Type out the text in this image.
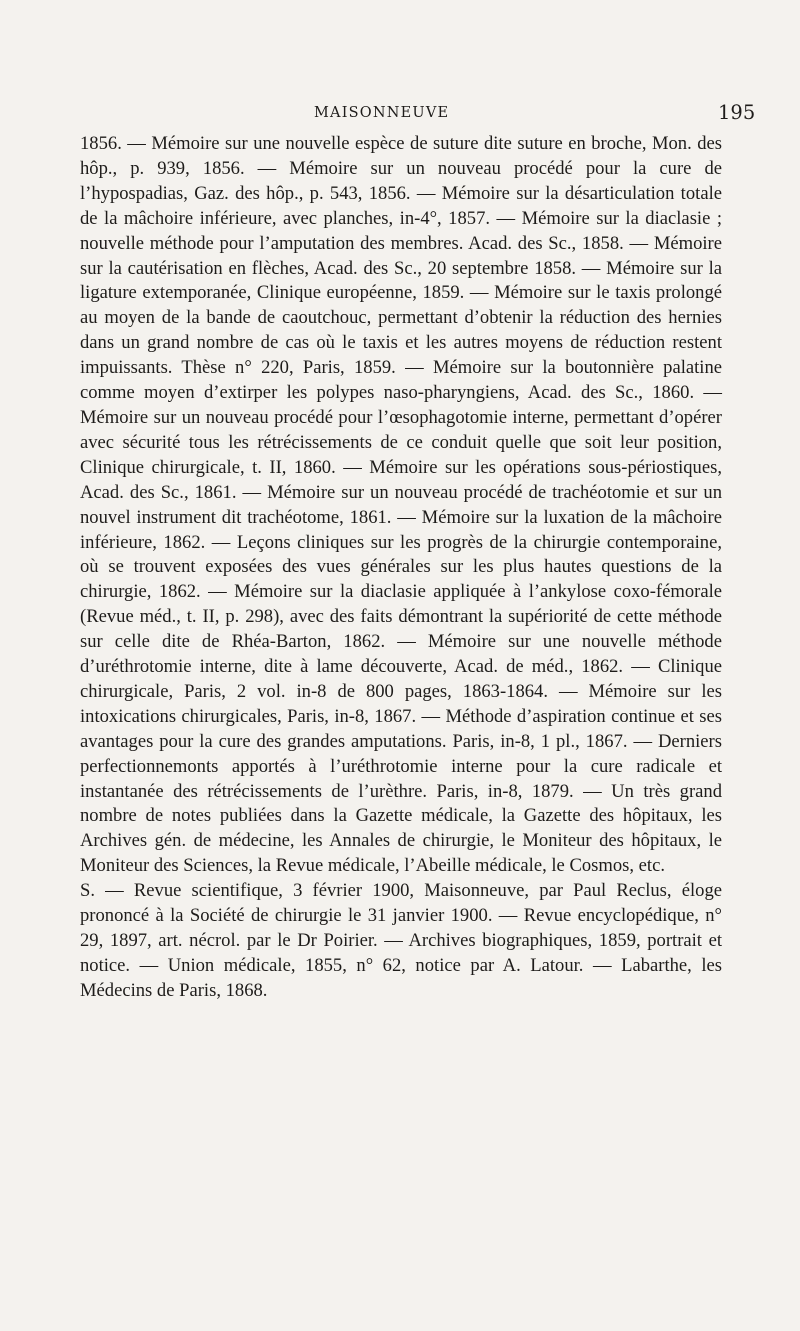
MAISONNEUVE	195

1856. — Mémoire sur une nouvelle espèce de suture dite suture en broche, Mon. des hôp., p. 939, 1856. — Mémoire sur un nouveau procédé pour la cure de l’hypospadias, Gaz. des hôp., p. 543, 1856. — Mémoire sur la désarticulation totale de la mâchoire inférieure, avec planches, in-4°, 1857. — Mémoire sur la diaclasie ; nouvelle méthode pour l’amputation des membres. Acad. des Sc., 1858. — Mémoire sur la cautérisation en flèches, Acad. des Sc., 20 septembre 1858. — Mémoire sur la ligature extemporanée, Clinique européenne, 1859. — Mémoire sur le taxis prolongé au moyen de la bande de caoutchouc, permettant d’obtenir la réduction des hernies dans un grand nombre de cas où le taxis et les autres moyens de réduction restent impuissants. Thèse n° 220, Paris, 1859. — Mémoire sur la boutonnière palatine comme moyen d’extirper les polypes naso-pharyngiens, Acad. des Sc., 1860. — Mémoire sur un nouveau procédé pour l’œsophagotomie interne, permettant d’opérer avec sécurité tous les rétrécissements de ce conduit quelle que soit leur position, Clinique chirurgicale, t. II, 1860. — Mémoire sur les opérations sous-périostiques, Acad. des Sc., 1861. — Mémoire sur un nouveau procédé de trachéotomie et sur un nouvel instrument dit trachéotome, 1861. — Mémoire sur la luxation de la mâchoire inférieure, 1862. — Leçons cliniques sur les progrès de la chirurgie contemporaine, où se trouvent exposées des vues générales sur les plus hautes questions de la chirurgie, 1862. — Mémoire sur la diaclasie appliquée à l’ankylose coxo-fémorale (Revue méd., t. II, p. 298), avec des faits démontrant la supériorité de cette méthode sur celle dite de Rhéa-Barton, 1862. — Mémoire sur une nouvelle méthode d’uréthrotomie interne, dite à lame découverte, Acad. de méd., 1862. — Clinique chirurgicale, Paris, 2 vol. in-8 de 800 pages, 1863-1864. — Mémoire sur les intoxications chirurgicales, Paris, in-8, 1867. — Méthode d’aspiration continue et ses avantages pour la cure des grandes amputations. Paris, in-8, 1 pl., 1867. — Derniers perfectionnemonts apportés à l’uréthrotomie interne pour la cure radicale et instantanée des rétrécissements de l’urèthre. Paris, in-8, 1879. — Un très grand nombre de notes publiées dans la Gazette médicale, la Gazette des hôpitaux, les Archives gén. de médecine, les Annales de chirurgie, le Moniteur des hôpitaux, le Moniteur des Sciences, la Revue médicale, l’Abeille médicale, le Cosmos, etc.

S. — Revue scientifique, 3 février 1900, Maisonneuve, par Paul Reclus, éloge prononcé à la Société de chirurgie le 31 janvier 1900. — Revue encyclopédique, n° 29, 1897, art. nécrol. par le Dr Poirier. — Archives biographiques, 1859, portrait et notice. — Union médicale, 1855, n° 62, notice par A. Latour. — Labarthe, les Médecins de Paris, 1868.
